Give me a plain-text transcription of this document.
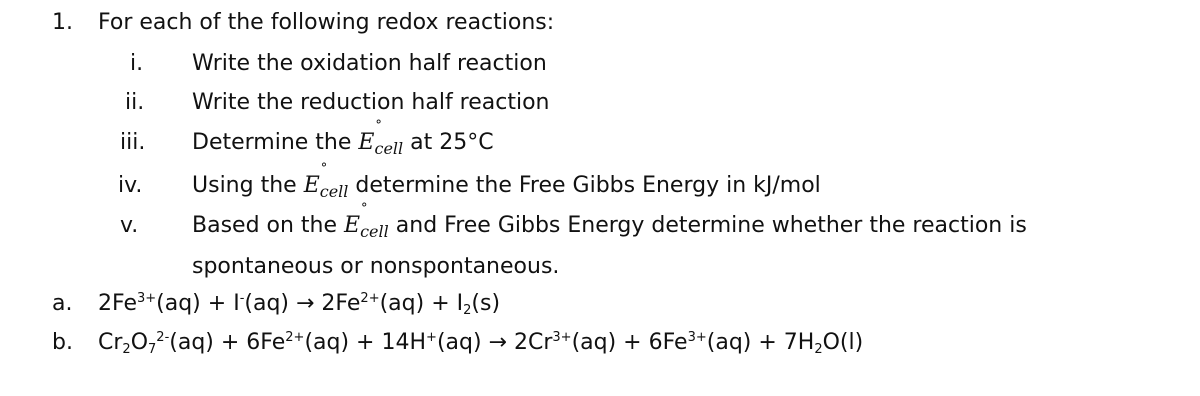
1. For each of the following redox reactions:
i.	Write the oxidation half reaction
ii.	Write the reduction half reaction
iii.	Determine the E
°
$_{cell}$ at 25°C
iv.	Using the E
°
$_{cell}$ determine the Free Gibbs Energy in kJ/mol
v.	Based on the E
°
$_{cell}$ and Free Gibbs Energy determine whether the reaction is
spontaneous or nonspontaneous.
a. $2Fe^{3+}(aq) + I^-(aq) \to 2Fe^{2+}(aq) + I_2(s)$
b. $Cr_2O_7^{2-}(aq) + 6Fe^{2+}(aq) + 14H^+(aq) \to 2Cr^{3+}(aq) + 6Fe^{3+}(aq) + 7H_2O(l)$
